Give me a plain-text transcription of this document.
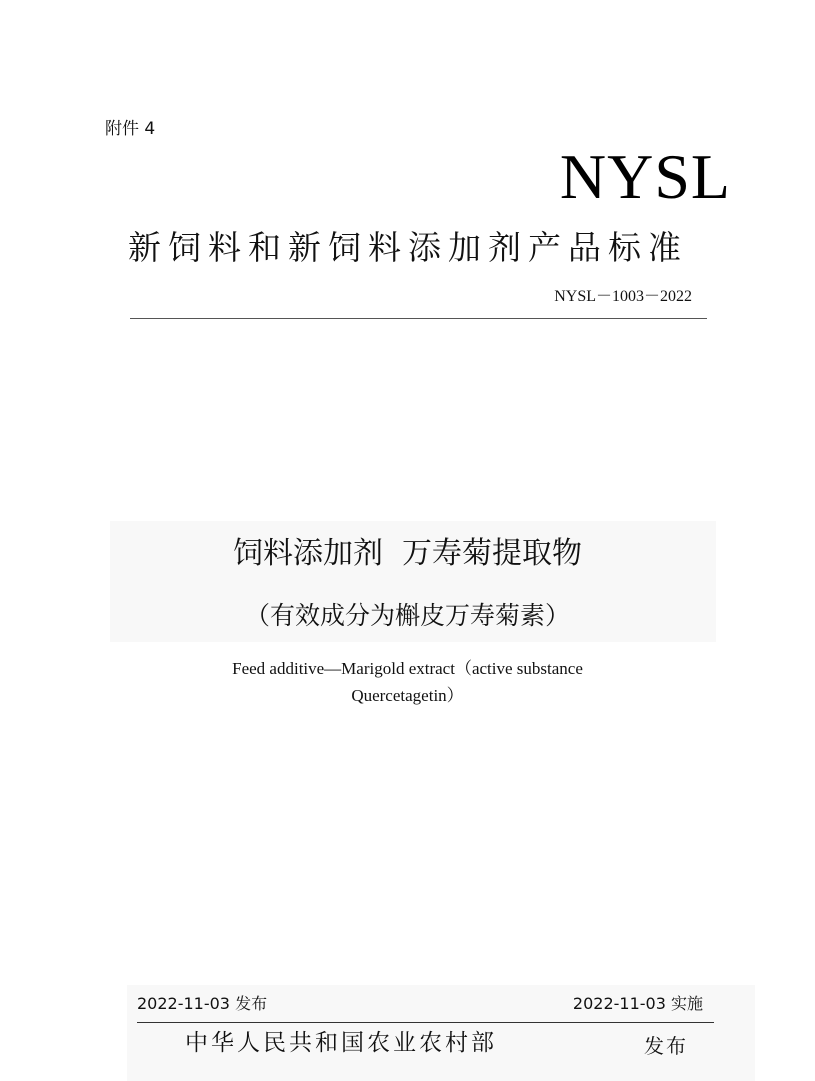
附件 4
NYSL
新饲料和新饲料添加剂产品标准
NYSL－1003－2022
饲料添加剂  万寿菊提取物
（有效成分为槲皮万寿菊素）
Feed additive—Marigold extract（active substance
Quercetagetin）
2022-11-03 发布	2022-11-03 实施
中华人民共和国农业农村部	发布
